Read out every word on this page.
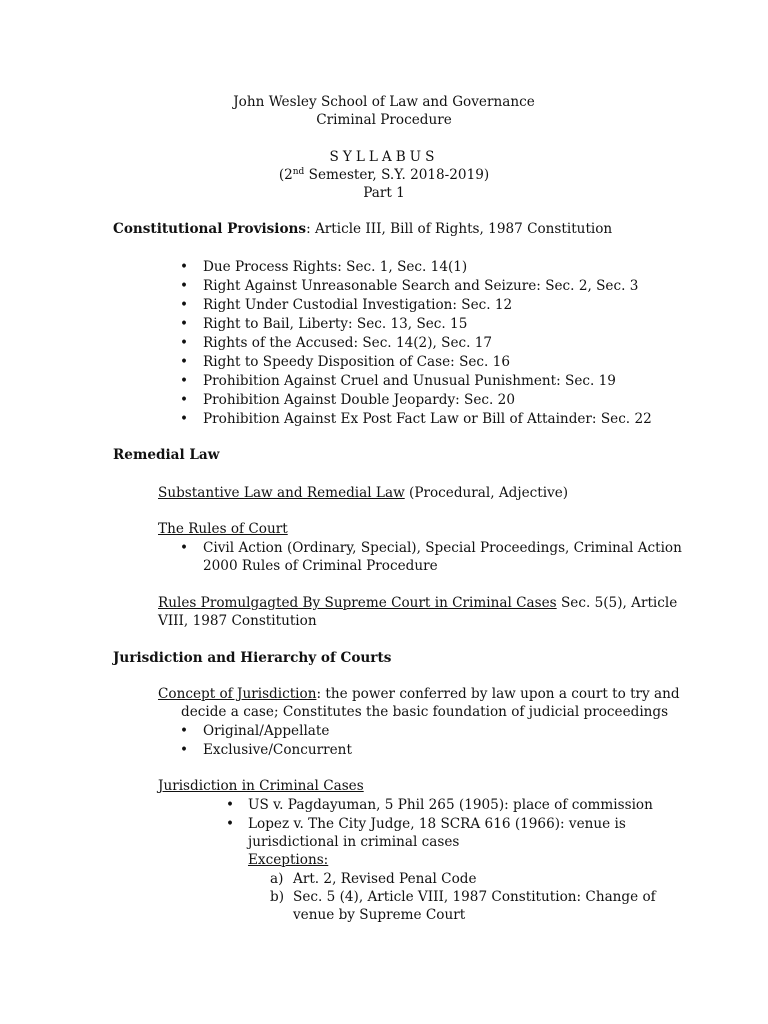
John Wesley School of Law and Governance
Criminal Procedure
SYLLABUS
(2nd Semester, S.Y. 2018-2019)
Part 1
Constitutional Provisions: Article III, Bill of Rights, 1987 Constitution
• Due Process Rights: Sec. 1, Sec. 14(1)
• Right Against Unreasonable Search and Seizure: Sec. 2, Sec. 3
• Right Under Custodial Investigation: Sec. 12
• Right to Bail, Liberty: Sec. 13, Sec. 15
• Rights of the Accused: Sec. 14(2), Sec. 17
• Right to Speedy Disposition of Case: Sec. 16
• Prohibition Against Cruel and Unusual Punishment: Sec. 19
• Prohibition Against Double Jeopardy: Sec. 20
• Prohibition Against Ex Post Fact Law or Bill of Attainder: Sec. 22
Remedial Law
Substantive Law and Remedial Law (Procedural, Adjective)
The Rules of Court
• Civil Action (Ordinary, Special), Special Proceedings, Criminal Action
2000 Rules of Criminal Procedure
Rules Promulgagted By Supreme Court in Criminal Cases Sec. 5(5), Article
VIII, 1987 Constitution
Jurisdiction and Hierarchy of Courts
Concept of Jurisdiction: the power conferred by law upon a court to try and
decide a case; Constitutes the basic foundation of judicial proceedings
• Original/Appellate
• Exclusive/Concurrent
Jurisdiction in Criminal Cases
• US v. Pagdayuman, 5 Phil 265 (1905): place of commission
• Lopez v. The City Judge, 18 SCRA 616 (1966): venue is
jurisdictional in criminal cases
Exceptions:
a) Art. 2, Revised Penal Code
b) Sec. 5 (4), Article VIII, 1987 Constitution: Change of
venue by Supreme Court
